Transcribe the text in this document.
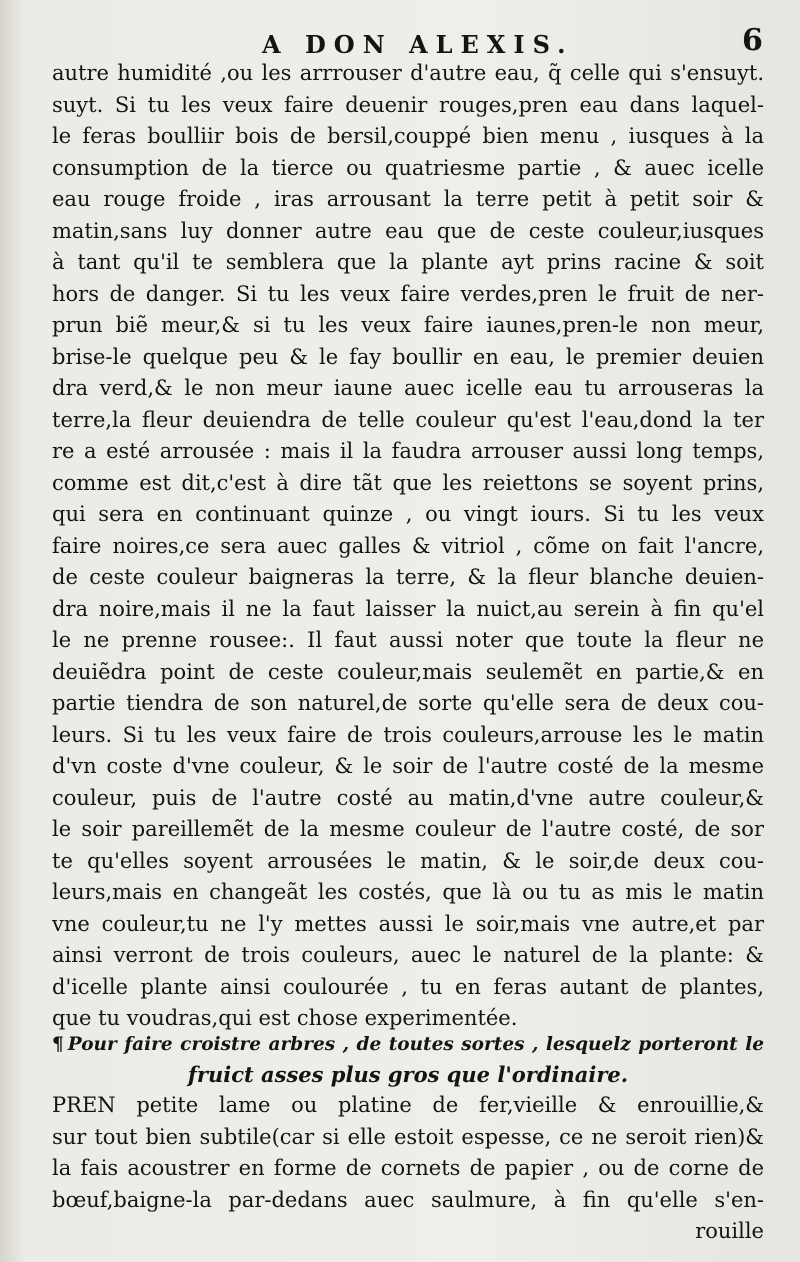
A DON ALEXIS.	6
autre humidité ,ou les arrrouser d'autre eau, q̃ celle qui s'ensuyt.
suyt. Si tu les veux faire deuenir rouges,pren eau dans laquel-
le feras boulliir bois de bersil,couppé bien menu , iusques à la
consumption de la tierce ou quatriesme partie , & auec icelle
eau rouge froide , iras arrousant la terre petit à petit soir &
matin,sans luy donner autre eau que de ceste couleur,iusques
à tant qu'il te semblera que la plante ayt prins racine & soit
hors de danger. Si tu les veux faire verdes,pren le fruit de ner-
prun biẽ meur,& si tu les veux faire iaunes,pren-le non meur,
brise-le quelque peu & le fay boullir en eau, le premier deuien
dra verd,& le non meur iaune auec icelle eau tu arrouseras la
terre,la fleur deuiendra de telle couleur qu'est l'eau,dond la ter
re a esté arrousée : mais il la faudra arrouser aussi long temps,
comme est dit,c'est à dire tãt que les reiettons se soyent prins,
qui sera en continuant quinze , ou vingt iours. Si tu les veux
faire noires,ce sera auec galles & vitriol , cõme on fait l'ancre,
de ceste couleur baigneras la terre, & la fleur blanche deuien-
dra noire,mais il ne la faut laisser la nuict,au serein à fin qu'el
le ne prenne rousee:. Il faut aussi noter que toute la fleur ne
deuiẽdra point de ceste couleur,mais seulemẽt en partie,& en
partie tiendra de son naturel,de sorte qu'elle sera de deux cou-
leurs. Si tu les veux faire de trois couleurs,arrouse les le matin
d'vn coste d'vne couleur, & le soir de l'autre costé de la mesme
couleur, puis de l'autre costé au matin,d'vne autre couleur,&
le soir pareillemẽt de la mesme couleur de l'autre costé, de sor
te qu'elles soyent arrousées le matin, & le soir,de deux cou-
leurs,mais en changeãt les costés, que là ou tu as mis le matin
vne couleur,tu ne l'y mettes aussi le soir,mais vne autre,et par
ainsi verront de trois couleurs, auec le naturel de la plante: &
d'icelle plante ainsi coulourée , tu en feras autant de plantes,
que tu voudras,qui est chose experimentée.
¶ Pour faire croistre arbres , de toutes sortes , lesquelz porteront le
fruict asses plus gros que l'ordinaire.
PREN petite lame ou platine de fer,vieille & enrouillie,&
sur tout bien subtile(car si elle estoit espesse, ce ne seroit rien)&
la fais acoustrer en forme de cornets de papier , ou de corne de
bœuf,baigne-la par-dedans auec saulmure, à fin qu'elle s'en-
rouille
